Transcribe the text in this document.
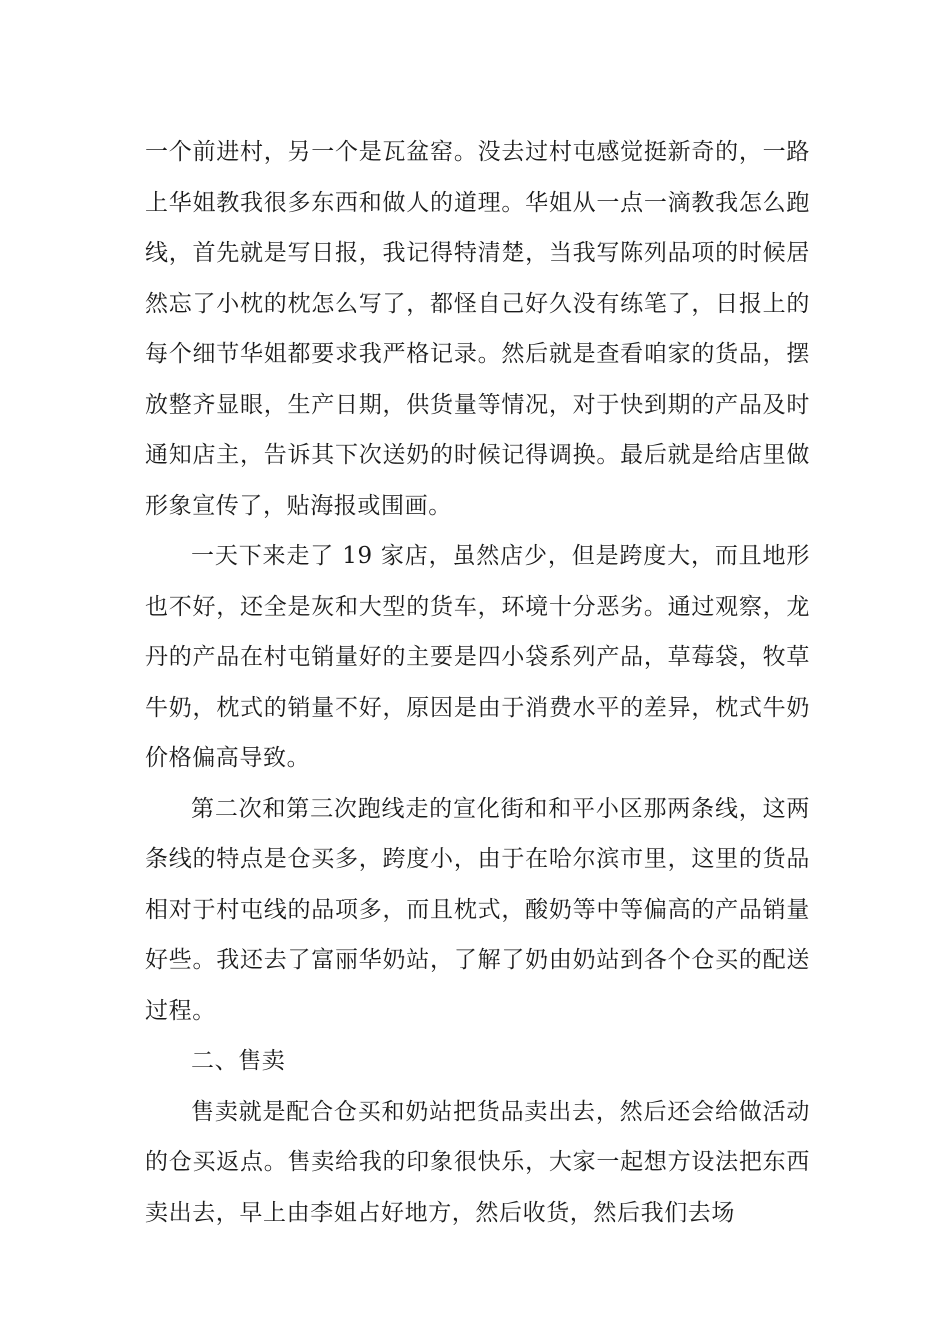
一个前进村，另一个是瓦盆窑。没去过村屯感觉挺新奇的，一路上华姐教我很多东西和做人的道理。华姐从一点一滴教我怎么跑线，首先就是写日报，我记得特清楚，当我写陈列品项的时候居然忘了小枕的枕怎么写了，都怪自己好久没有练笔了，日报上的每个细节华姐都要求我严格记录。然后就是查看咱家的货品，摆放整齐显眼，生产日期，供货量等情况，对于快到期的产品及时通知店主，告诉其下次送奶的时候记得调换。最后就是给店里做形象宣传了，贴海报或围画。

一天下来走了 19 家店，虽然店少，但是跨度大，而且地形也不好，还全是灰和大型的货车，环境十分恶劣。通过观察，龙丹的产品在村屯销量好的主要是四小袋系列产品，草莓袋，牧草牛奶，枕式的销量不好，原因是由于消费水平的差异，枕式牛奶价格偏高导致。

第二次和第三次跑线走的宣化街和和平小区那两条线，这两条线的特点是仓买多，跨度小，由于在哈尔滨市里，这里的货品相对于村屯线的品项多，而且枕式，酸奶等中等偏高的产品销量好些。我还去了富丽华奶站，了解了奶由奶站到各个仓买的配送过程。

二、售卖

售卖就是配合仓买和奶站把货品卖出去，然后还会给做活动的仓买返点。售卖给我的印象很快乐，大家一起想方设法把东西卖出去，早上由李姐占好地方，然后收货，然后我们去场
